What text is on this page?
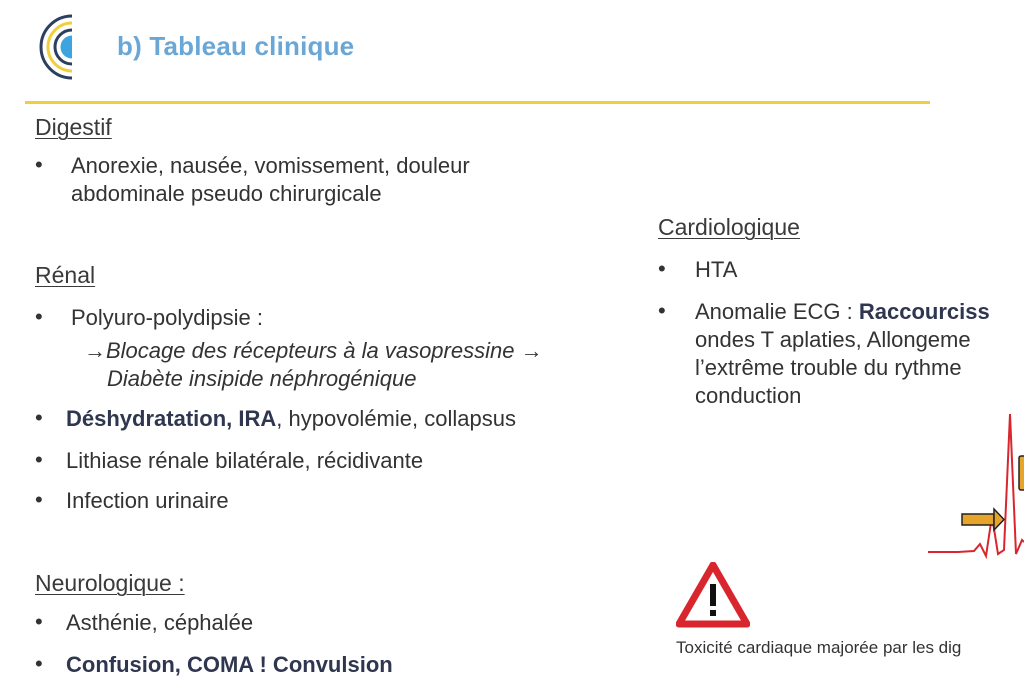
b) Tableau clinique
Digestif
• Anorexie, nausée, vomissement, douleur
abdominale pseudo chirurgicale
Rénal
• Polyuro-polydipsie :
→Blocage des récepteurs à la vasopressine →
Diabète insipide néphrogénique
• Déshydratation, IRA, hypovolémie, collapsus
• Lithiase rénale bilatérale, récidivante
• Infection urinaire
Neurologique :
• Asthénie, céphalée
• Confusion, COMA ! Convulsion
Cardiologique
• HTA
• Anomalie ECG : Raccourciss
ondes T aplaties, Allongeme
l’extrême trouble du rythme
conduction
Toxicité cardiaque majorée par les dig
